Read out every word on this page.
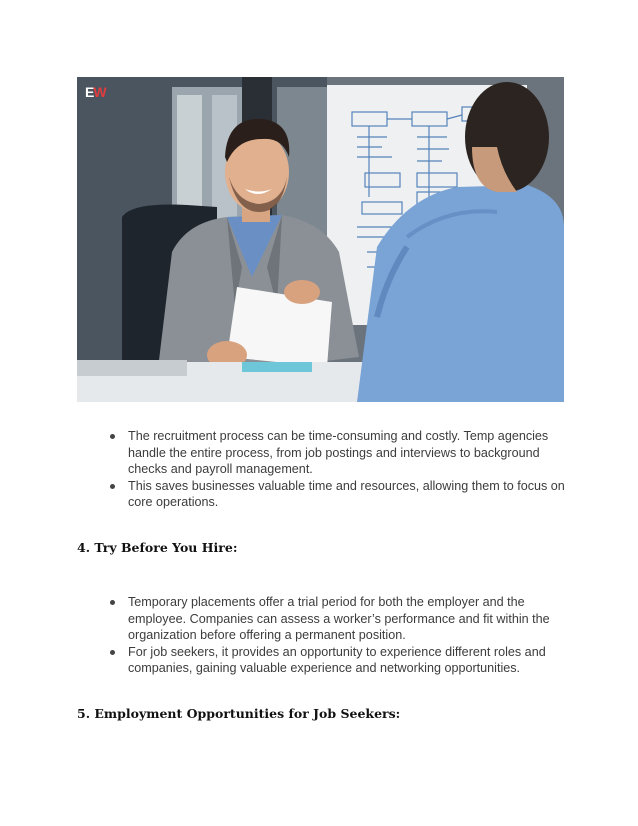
EW
The recruitment process can be time-consuming and costly. Temp agencies handle the entire process, from job postings and interviews to background checks and payroll management.
This saves businesses valuable time and resources, allowing them to focus on core operations.
4. Try Before You Hire:
Temporary placements offer a trial period for both the employer and the employee. Companies can assess a worker’s performance and fit within the organization before offering a permanent position.
For job seekers, it provides an opportunity to experience different roles and companies, gaining valuable experience and networking opportunities.
5. Employment Opportunities for Job Seekers:
